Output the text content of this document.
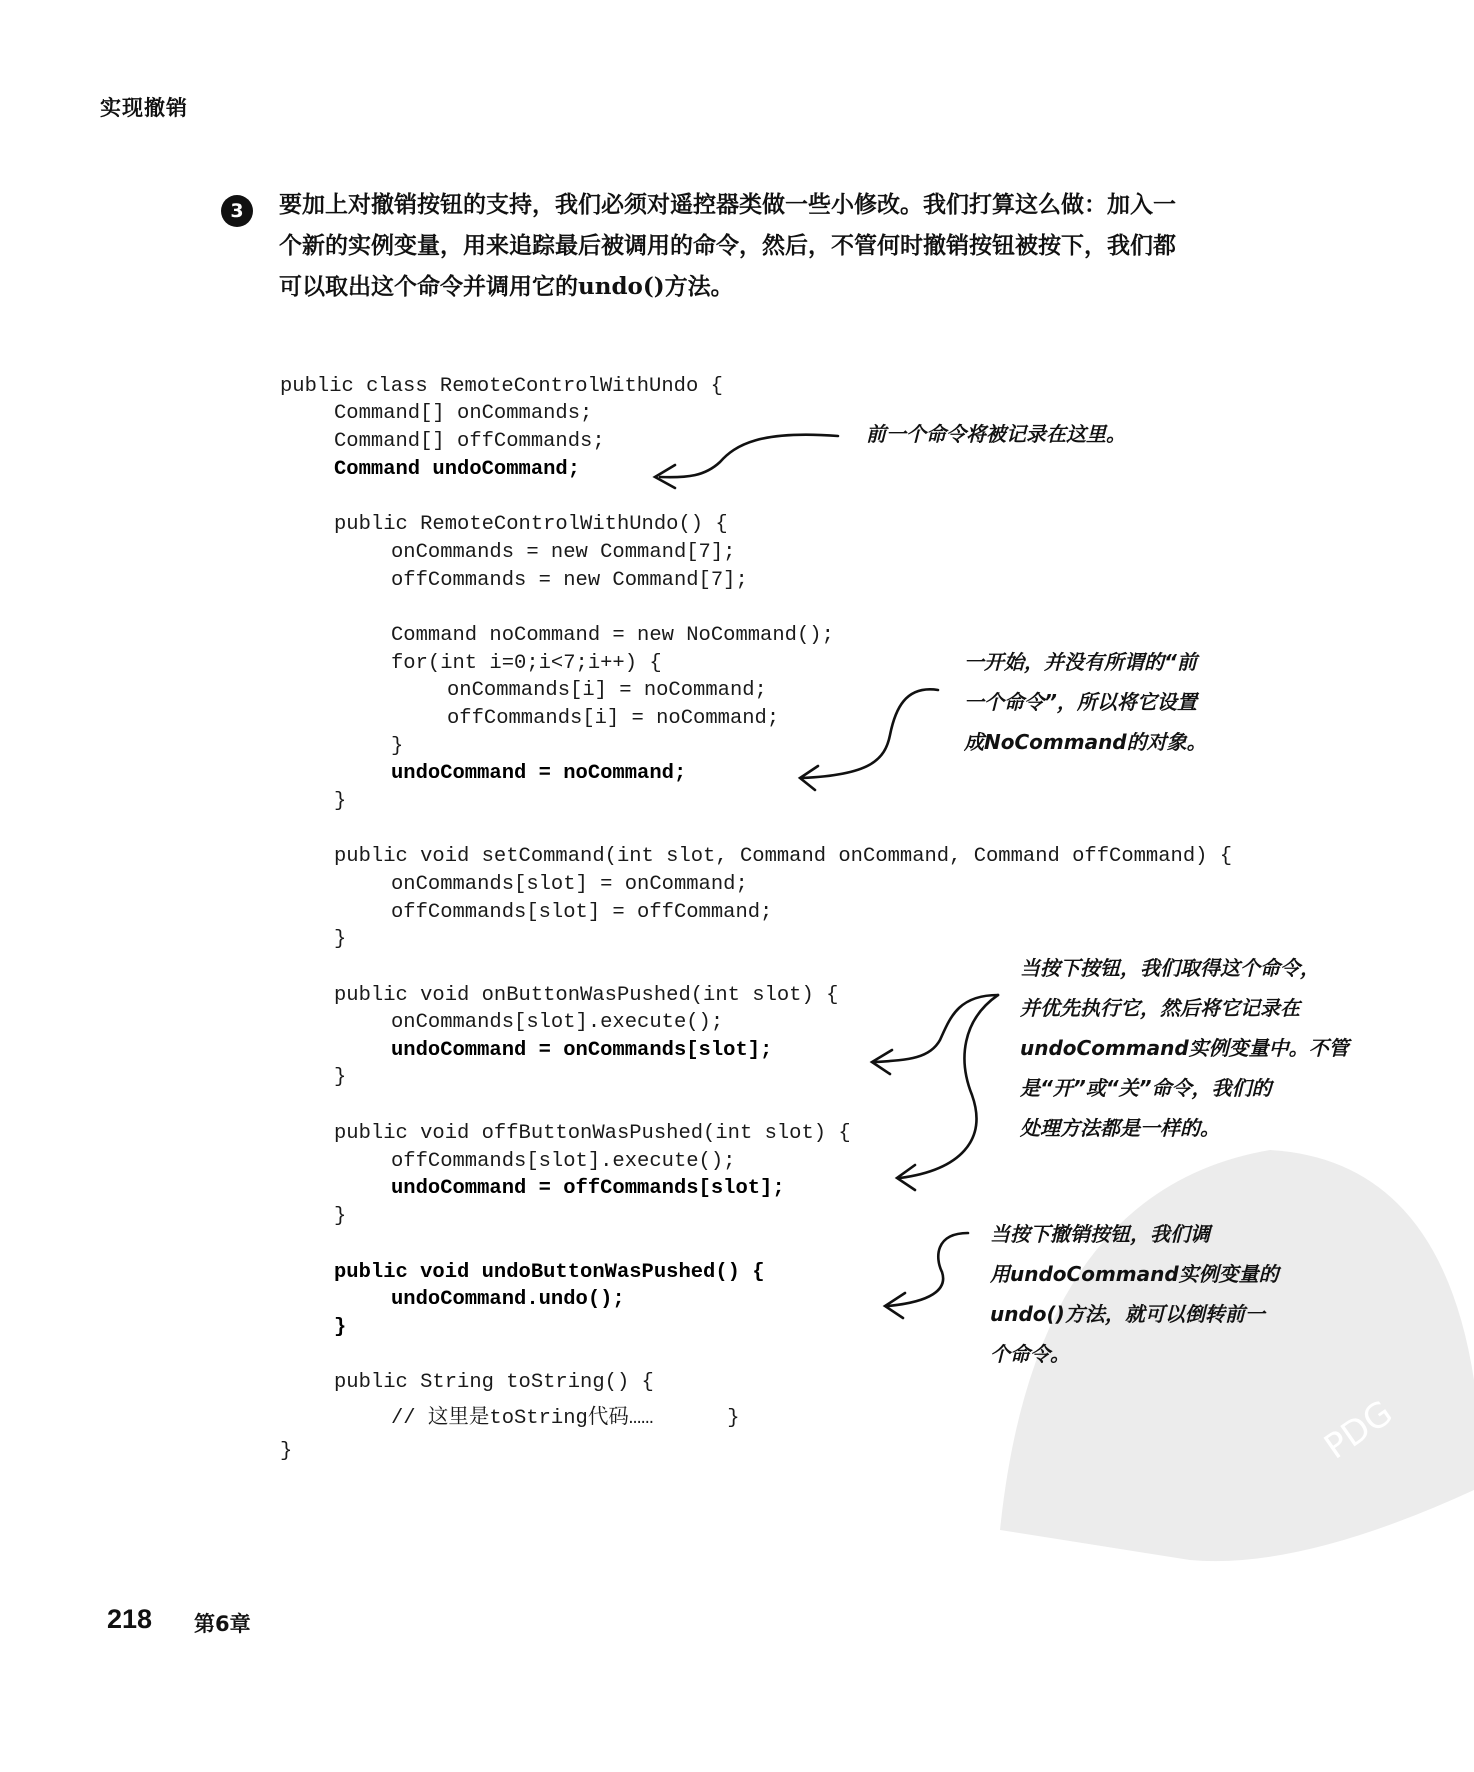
实现撤销
3	要加上对撤销按钮的支持，我们必须对遥控器类做一些小修改。我们打算这么做：加入一
个新的实例变量，用来追踪最后被调用的命令，然后，不管何时撤销按钮被按下，我们都
可以取出这个命令并调用它的undo()方法。
public class RemoteControlWithUndo {
Command[] onCommands;
Command[] offCommands;
Command undoCommand;
public RemoteControlWithUndo() {
onCommands = new Command[7];
offCommands = new Command[7];
Command noCommand = new NoCommand();
for(int i=0;i<7;i++) {
onCommands[i] = noCommand;
offCommands[i] = noCommand;
}
undoCommand = noCommand;
}
public void setCommand(int slot, Command onCommand, Command offCommand) {
onCommands[slot] = onCommand;
offCommands[slot] = offCommand;
}
public void onButtonWasPushed(int slot) {
onCommands[slot].execute();
undoCommand = onCommands[slot];
}
public void offButtonWasPushed(int slot) {
offCommands[slot].execute();
undoCommand = offCommands[slot];
}
public void undoButtonWasPushed() {
undoCommand.undo();
}
public String toString() {
// 这里是toString代码……      }
}	PDG
前一个命令将被记录在这里。
一开始，并没有所谓的“前
一个命令”，所以将它设置
成NoCommand的对象。
当按下按钮，我们取得这个命令，
并优先执行它，然后将它记录在
undoCommand实例变量中。不管
是“开”或“关”命令，我们的
处理方法都是一样的。
当按下撤销按钮，我们调
用undoCommand实例变量的
undo()方法，就可以倒转前一
个命令。
218 第6章
